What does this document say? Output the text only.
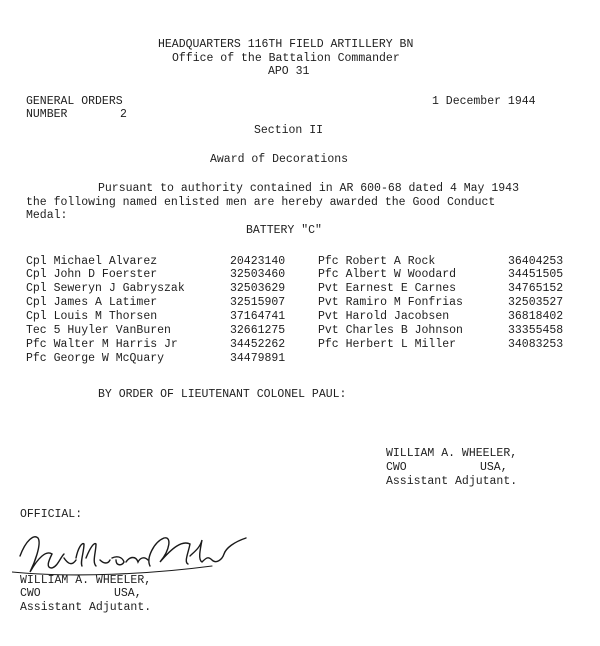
HEADQUARTERS 116TH FIELD ARTILLERY BN
Office of the Battalion Commander
APO 31
GENERAL ORDERS
NUMBER	2
1 December 1944
Section II
Award of Decorations
Pursuant to authority contained in AR 600-68 dated 4 May 1943
the following named enlisted men are hereby awarded the Good Conduct
Medal:
BATTERY "C"
Cpl Michael Alvarez	20423140
Cpl John D Foerster	32503460
Cpl Seweryn J Gabryszak	32503629
Cpl James A Latimer	32515907
Cpl Louis M Thorsen	37164741
Tec 5 Huyler VanBuren	32661275
Pfc Walter M Harris Jr	34452262
Pfc George W McQuary	34479891
Pfc Robert A Rock	36404253
Pfc Albert W Woodard	34451505
Pvt Earnest E Carnes	34765152
Pvt Ramiro M Fonfrias	32503527
Pvt Harold Jacobsen	36818402
Pvt Charles B Johnson	33355458
Pfc Herbert L Miller	34083253
BY ORDER OF LIEUTENANT COLONEL PAUL:
WILLIAM A. WHEELER,
CWO	USA,
Assistant Adjutant.
OFFICIAL:
WILLIAM A. WHEELER,
CWO	USA,
Assistant Adjutant.
